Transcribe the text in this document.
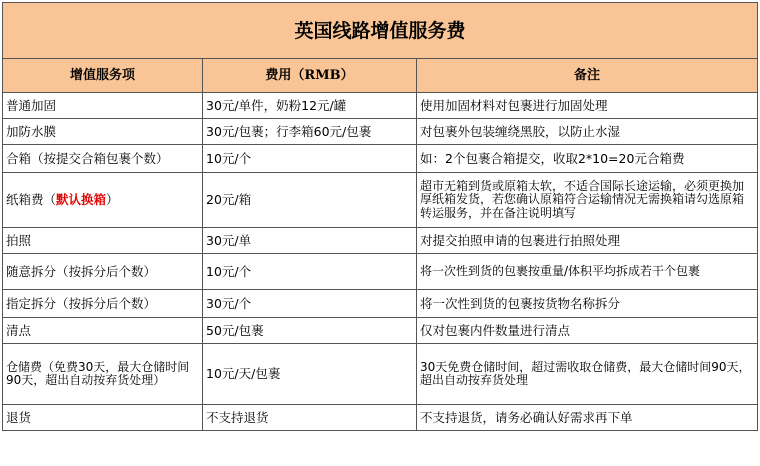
英国线路增值服务费		
增值服务项	费用（RMB）	备注
普通加固	30元/单件，奶粉12元/罐	使用加固材料对包裹进行加固处理
加防水膜	30元/包裹；行李箱60元/包裹	对包裹外包装缠绕黑胶，以防止水湿
合箱（按提交合箱包裹个数）	10元/个	如：2个包裹合箱提交，收取2*10=20元合箱费
纸箱费（默认换箱）	20元/箱	超市无箱到货或原箱太软，不适合国际长途运输，必须更换加厚纸箱发货，若您确认原箱符合运输情况无需换箱请勾选原箱转运服务，并在备注说明填写
拍照	30元/单	对提交拍照申请的包裹进行拍照处理
随意拆分（按拆分后个数）	10元/个	将一次性到货的包裹按重量/体积平均拆成若干个包裹
指定拆分（按拆分后个数）	30元/个	将一次性到货的包裹按货物名称拆分
清点	50元/包裹	仅对包裹内件数量进行清点
仓储费（免费30天，最大仓储时间90天，超出自动按弃货处理）	10元/天/包裹	30天免费仓储时间，超过需收取仓储费，最大仓储时间90天，超出自动按弃货处理
退货	不支持退货	不支持退货，请务必确认好需求再下单
